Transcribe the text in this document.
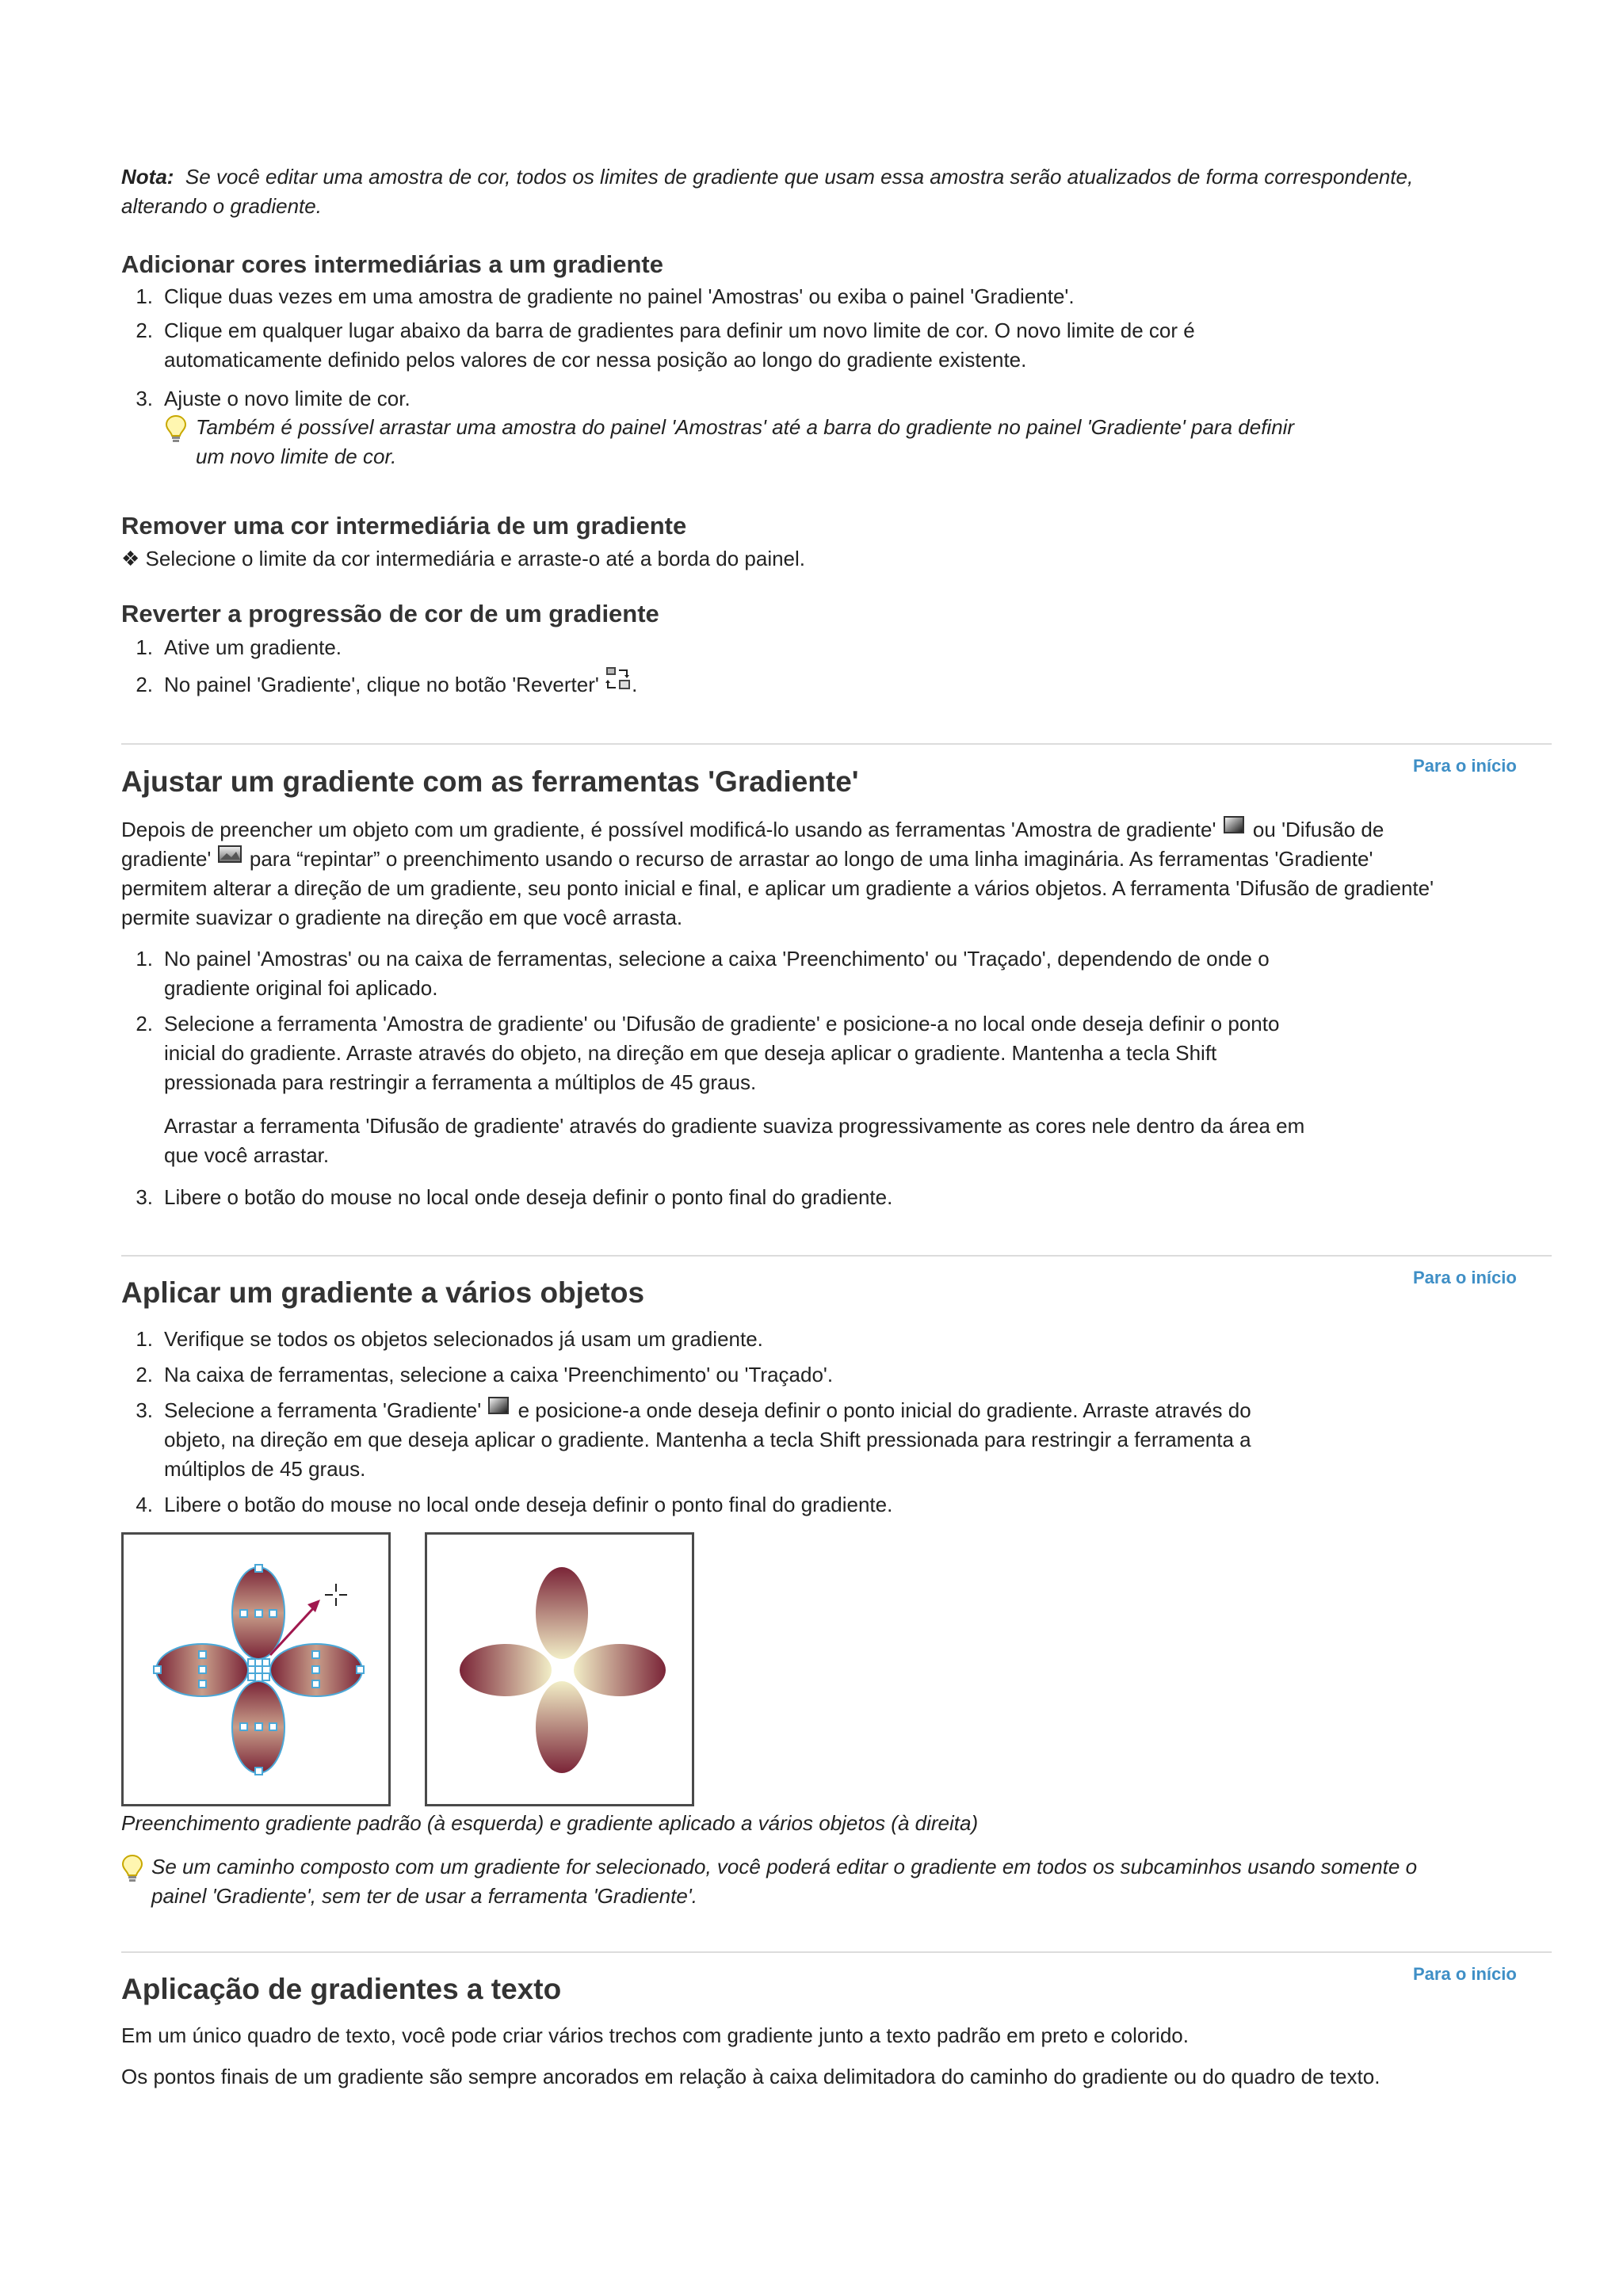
Nota: Se você editar uma amostra de cor, todos os limites de gradiente que usam essa amostra serão atualizados de forma correspondente,
alterando o gradiente.
Adicionar cores intermediárias a um gradiente
1. Clique duas vezes em uma amostra de gradiente no painel 'Amostras' ou exiba o painel 'Gradiente'.
2. Clique em qualquer lugar abaixo da barra de gradientes para definir um novo limite de cor. O novo limite de cor é
automaticamente definido pelos valores de cor nessa posição ao longo do gradiente existente.
3. Ajuste o novo limite de cor.
Também é possível arrastar uma amostra do painel 'Amostras' até a barra do gradiente no painel 'Gradiente' para definir
um novo limite de cor.
Remover uma cor intermediária de um gradiente
❖ Selecione o limite da cor intermediária e arraste-o até a borda do painel.
Reverter a progressão de cor de um gradiente
1. Ative um gradiente.
2. No painel 'Gradiente', clique no botão 'Reverter' .
Para o início
Ajustar um gradiente com as ferramentas 'Gradiente'
Depois de preencher um objeto com um gradiente, é possível modificá-lo usando as ferramentas 'Amostra de gradiente' ou 'Difusão de
gradiente' para “repintar” o preenchimento usando o recurso de arrastar ao longo de uma linha imaginária. As ferramentas 'Gradiente'
permitem alterar a direção de um gradiente, seu ponto inicial e final, e aplicar um gradiente a vários objetos. A ferramenta 'Difusão de gradiente'
permite suavizar o gradiente na direção em que você arrasta.
1. No painel 'Amostras' ou na caixa de ferramentas, selecione a caixa 'Preenchimento' ou 'Traçado', dependendo de onde o
gradiente original foi aplicado.
2. Selecione a ferramenta 'Amostra de gradiente' ou 'Difusão de gradiente' e posicione-a no local onde deseja definir o ponto
inicial do gradiente. Arraste através do objeto, na direção em que deseja aplicar o gradiente. Mantenha a tecla Shift
pressionada para restringir a ferramenta a múltiplos de 45 graus.
Arrastar a ferramenta 'Difusão de gradiente' através do gradiente suaviza progressivamente as cores nele dentro da área em
que você arrastar.
3. Libere o botão do mouse no local onde deseja definir o ponto final do gradiente.
Para o início
Aplicar um gradiente a vários objetos
1. Verifique se todos os objetos selecionados já usam um gradiente.
2. Na caixa de ferramentas, selecione a caixa 'Preenchimento' ou 'Traçado'.
3. Selecione a ferramenta 'Gradiente' e posicione-a onde deseja definir o ponto inicial do gradiente. Arraste através do
objeto, na direção em que deseja aplicar o gradiente. Mantenha a tecla Shift pressionada para restringir a ferramenta a
múltiplos de 45 graus.
4. Libere o botão do mouse no local onde deseja definir o ponto final do gradiente.
Preenchimento gradiente padrão (à esquerda) e gradiente aplicado a vários objetos (à direita)
Se um caminho composto com um gradiente for selecionado, você poderá editar o gradiente em todos os subcaminhos usando somente o
painel 'Gradiente', sem ter de usar a ferramenta 'Gradiente'.
Para o início
Aplicação de gradientes a texto
Em um único quadro de texto, você pode criar vários trechos com gradiente junto a texto padrão em preto e colorido.
Os pontos finais de um gradiente são sempre ancorados em relação à caixa delimitadora do caminho do gradiente ou do quadro de texto.
